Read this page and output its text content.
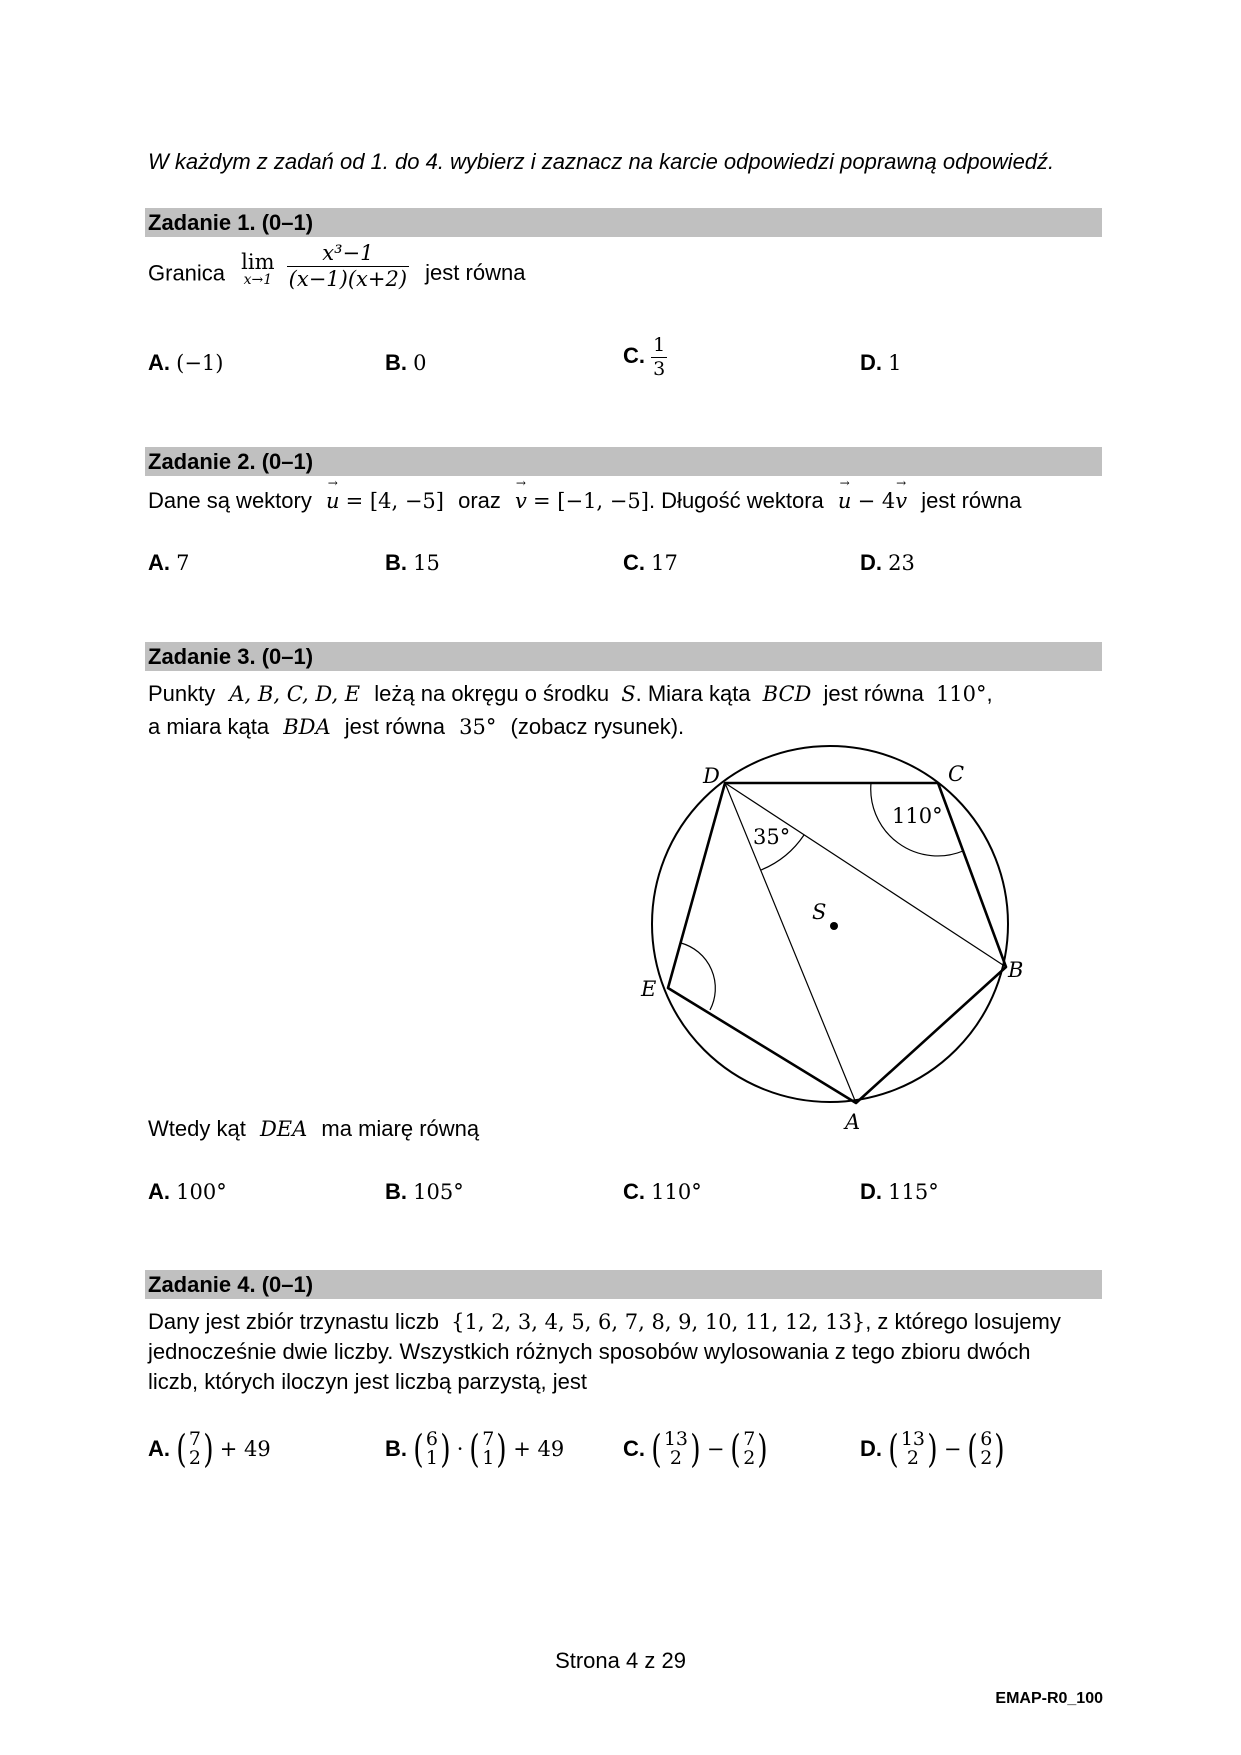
W każdym z zadań od 1. do 4. wybierz i zaznacz na karcie odpowiedzi poprawną odpowiedź.
Zadanie 1. (0–1)
Granica lim
x→1
$\frac{\text{x³−1}}{(x-1)(x+2)}$ jest równa
A. (−1)	B. 0	C. $\frac{1}{3}$	D. 1
Zadanie 2. (0–1)
Dane są wektory u → = [4, −5] oraz v → = [−1, −5]. Długość wektora u → − 4v → jest równa
A. 7	B. 15	C. 17	D. 23
Zadanie 3. (0–1)
Punkty A, B, C, D, E leżą na okręgu o środku S. Miara kąta BCD jest równa 110°,
a miara kąta BDA jest równa 35° (zobacz rysunek).
D	C
B
A
E
S
110°
35°
Wtedy kąt DEA ma miarę równą
A. 100°	B. 105°	C. 110°	D. 115°
Zadanie 4. (0–1)
Dany jest zbiór trzynastu liczb {1, 2, 3, 4, 5, 6, 7, 8, 9, 10, 11, 12, 13}, z którego losujemy
jednocześnie dwie liczby. Wszystkich różnych sposobów wylosowania z tego zbioru dwóch
liczb, których iloczyn jest liczbą parzystą, jest
A. ( 7
2 ) + 49	B. ( 6
1 ) · ( 7
1 ) + 49	C. ( 13
2 ) − ( 7
2 )	D. ( 13
2 ) − ( 6
2 )
Strona 4 z 29
EMAP-R0_100
